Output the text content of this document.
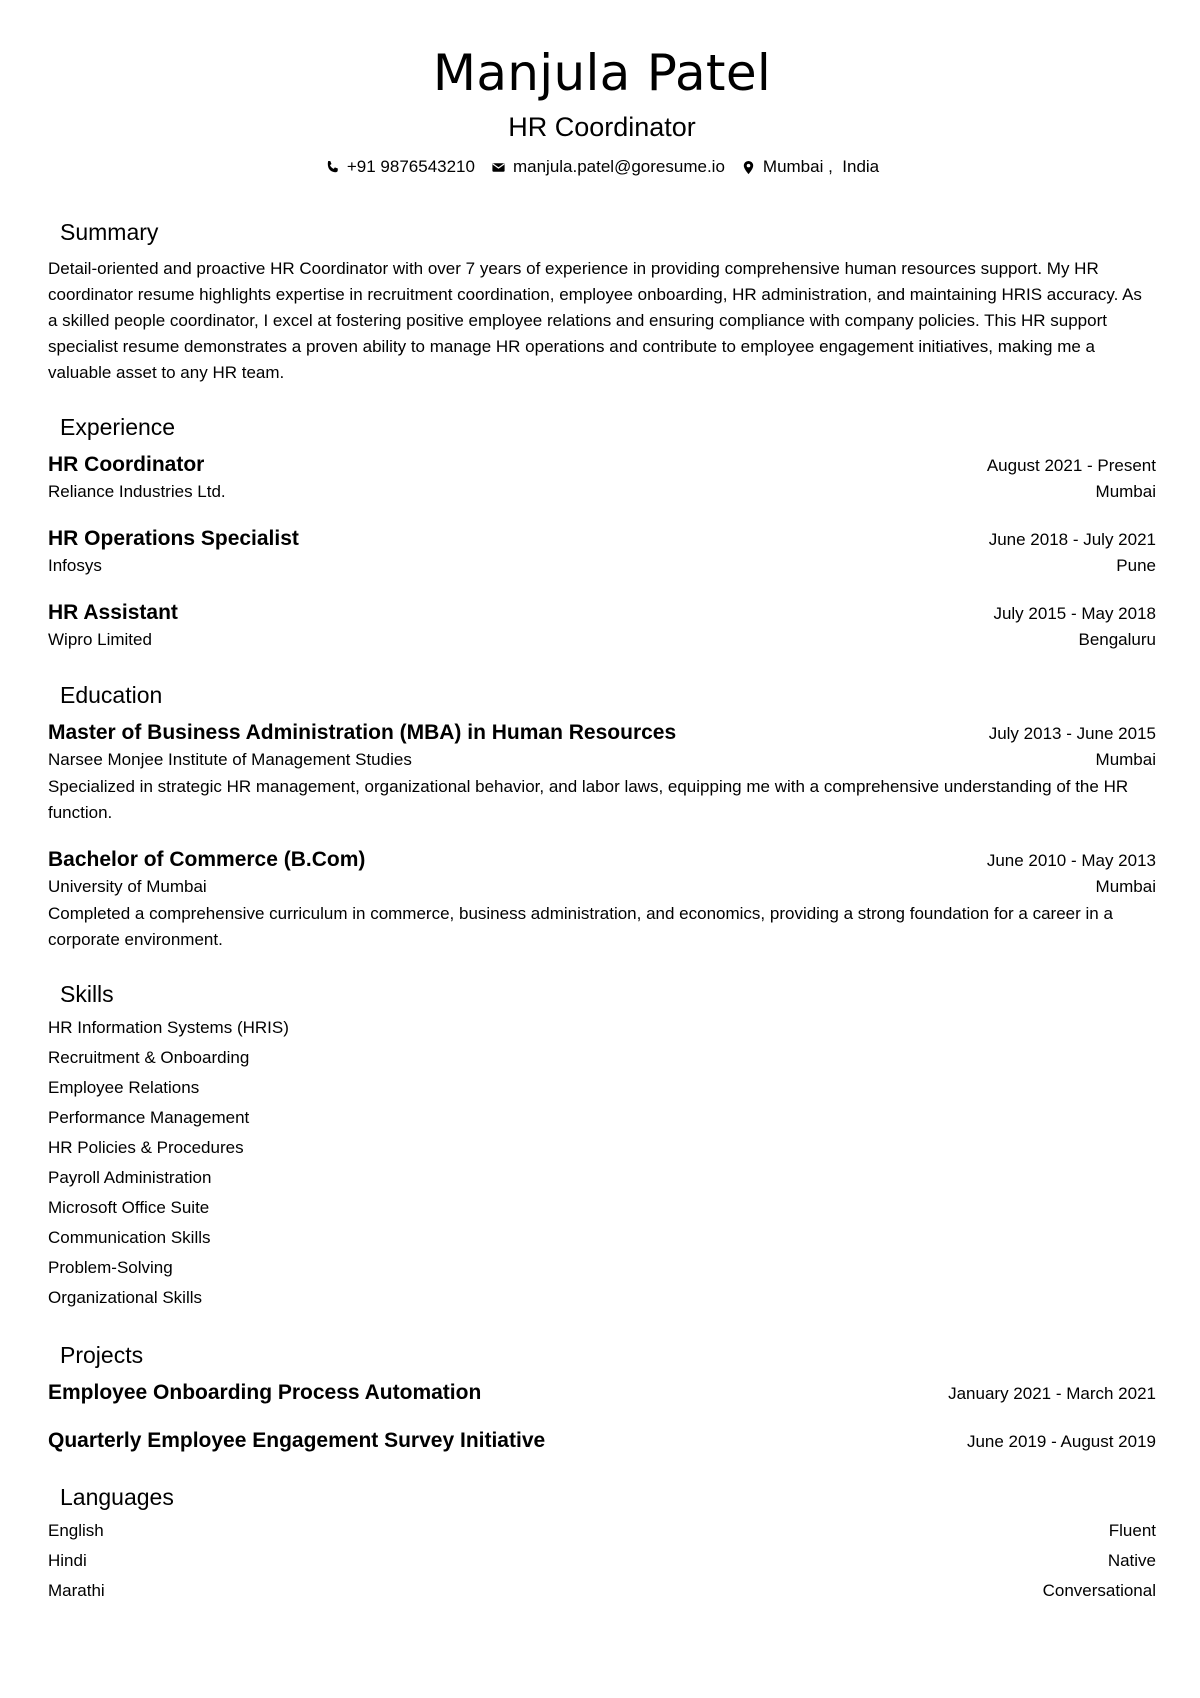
Manjula Patel
HR Coordinator
+91 9876543210 manjula.patel@goresume.io Mumbai ,  India
Summary
Detail-oriented and proactive HR Coordinator with over 7 years of experience in providing comprehensive human resources support. My HR coordinator resume highlights expertise in recruitment coordination, employee onboarding, HR administration, and maintaining HRIS accuracy. As a skilled people coordinator, I excel at fostering positive employee relations and ensuring compliance with company policies. This HR support specialist resume demonstrates a proven ability to manage HR operations and contribute to employee engagement initiatives, making me a valuable asset to any HR team.
Experience
HR Coordinator	August 2021 - Present
Reliance Industries Ltd.	Mumbai
HR Operations Specialist	June 2018 - July 2021
Infosys	Pune
HR Assistant	July 2015 - May 2018
Wipro Limited	Bengaluru
Education
Master of Business Administration (MBA) in Human Resources	July 2013 - June 2015
Narsee Monjee Institute of Management Studies	Mumbai
Specialized in strategic HR management, organizational behavior, and labor laws, equipping me with a comprehensive understanding of the HR function.
Bachelor of Commerce (B.Com)	June 2010 - May 2013
University of Mumbai	Mumbai
Completed a comprehensive curriculum in commerce, business administration, and economics, providing a strong foundation for a career in a corporate environment.
Skills
HR Information Systems (HRIS)
Recruitment & Onboarding
Employee Relations
Performance Management
HR Policies & Procedures
Payroll Administration
Microsoft Office Suite
Communication Skills
Problem-Solving
Organizational Skills
Projects
Employee Onboarding Process Automation	January 2021 - March 2021
Quarterly Employee Engagement Survey Initiative	June 2019 - August 2019
Languages
English	Fluent
Hindi	Native
Marathi	Conversational
